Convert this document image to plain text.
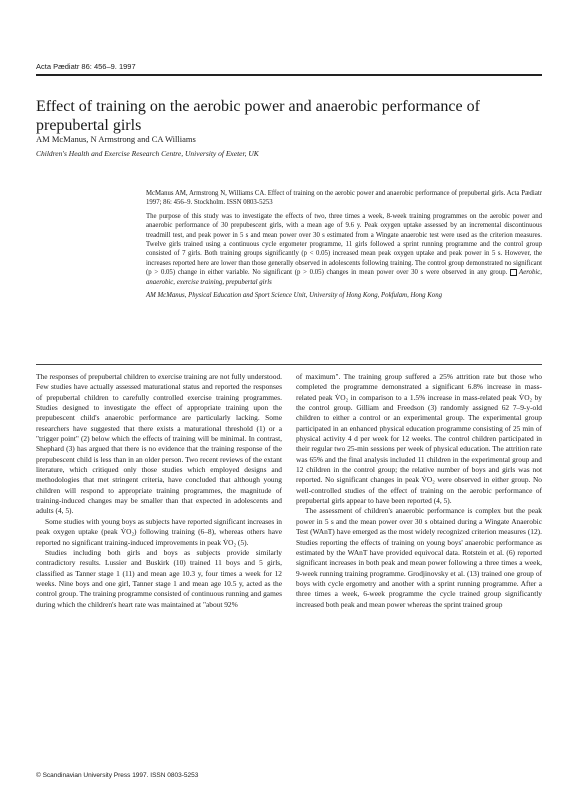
Acta Pædiatr 86: 456–9. 1997
Effect of training on the aerobic power and anaerobic performance of prepubertal girls
AM McManus, N Armstrong and CA Williams
Children's Health and Exercise Research Centre, University of Exeter, UK

McManus AM, Armstrong N, Williams CA. Effect of training on the aerobic power and anaerobic performance of prepubertal girls. Acta Pædiatr 1997; 86: 456–9. Stockholm. ISSN 0803-5253

The purpose of this study was to investigate the effects of two, three times a week, 8-week training programmes on the aerobic power and anaerobic performance of 30 prepubescent girls, with a mean age of 9.6 y. Peak oxygen uptake assessed by an incremental discontinuous treadmill test, and peak power in 5 s and mean power over 30 s estimated from a Wingate anaerobic test were used as the criterion measures. Twelve girls trained using a continuous cycle ergometer programme, 11 girls followed a sprint running programme and the control group consisted of 7 girls. Both training groups significantly (p < 0.05) increased mean peak oxygen uptake and peak power in 5 s. However, the increases reported here are lower than those generally observed in adolescents following training. The control group demonstrated no significant (p > 0.05) change in either variable. No significant (p > 0.05) changes in mean power over 30 s were observed in any group. Aerobic, anaerobic, exercise training, prepubertal girls

AM McManus, Physical Education and Sport Science Unit, University of Hong Kong, Pokfulam, Hong Kong

The responses of prepubertal children to exercise training are not fully understood. Few studies have actually assessed maturational status and reported the responses of prepubertal children to carefully controlled exercise training programmes. Studies designed to investigate the effect of appropriate training upon the prepubescent child's anaerobic performance are particularly lacking. Some researchers have suggested that there exists a maturational threshold (1) or a "trigger point" (2) below which the effects of training will be minimal. In contrast, Shephard (3) has argued that there is no evidence that the training response of the prepubescent child is less than in an older person. Two recent reviews of the extant literature, which critiqued only those studies which employed designs and methodologies that met stringent criteria, have concluded that although young children will respond to appropriate training programmes, the magnitude of training-induced changes may be smaller than that expected in adolescents and adults (4, 5).

Some studies with young boys as subjects have reported significant increases in peak oxygen uptake (peak V̇O₂) following training (6–8), whereas others have reported no significant training-induced improvements in peak V̇O₂ (5).

Studies including both girls and boys as subjects provide similarly contradictory results. Lussier and Buskirk (10) trained 11 boys and 5 girls, classified as Tanner stage 1 (11) and mean age 10.3 y, four times a week for 12 weeks. Nine boys and one girl, Tanner stage 1 and mean age 10.5 y, acted as the control group. The training programme consisted of continuous running and games during which the children's heart rate was maintained at "about 92%

of maximum". The training group suffered a 25% attrition rate but those who completed the programme demonstrated a significant 6.8% increase in mass-related peak V̇O₂ in comparison to a 1.5% increase in mass-related peak V̇O₂ by the control group. Gilliam and Freedson (3) randomly assigned 62 7–9-y-old children to either a control or an experimental group. The experimental group participated in an enhanced physical education programme consisting of 25 min of physical activity 4 d per week for 12 weeks. The control children participated in their regular two 25-min sessions per week of physical education. The attrition rate was 65% and the final analysis included 11 children in the experimental group and 12 children in the control group; the relative number of boys and girls was not reported. No significant changes in peak V̇O₂ were observed in either group. No well-controlled studies of the effect of training on the aerobic performance of prepubertal girls appear to have been reported (4, 5).

The assessment of children's anaerobic performance is complex but the peak power in 5 s and the mean power over 30 s obtained during a Wingate Anaerobic Test (WAnT) have emerged as the most widely recognized criterion measures (12). Studies reporting the effects of training on young boys' anaerobic performance as estimated by the WAnT have provided equivocal data. Rotstein et al. (6) reported significant increases in both peak and mean power following a three times a week, 9-week running training programme. Grodjinovsky et al. (13) trained one group of boys with cycle ergometry and another with a sprint running programme. After a three times a week, 6-week programme the cycle trained group significantly increased both peak and mean power whereas the sprint trained group

© Scandinavian University Press 1997. ISSN 0803-5253
